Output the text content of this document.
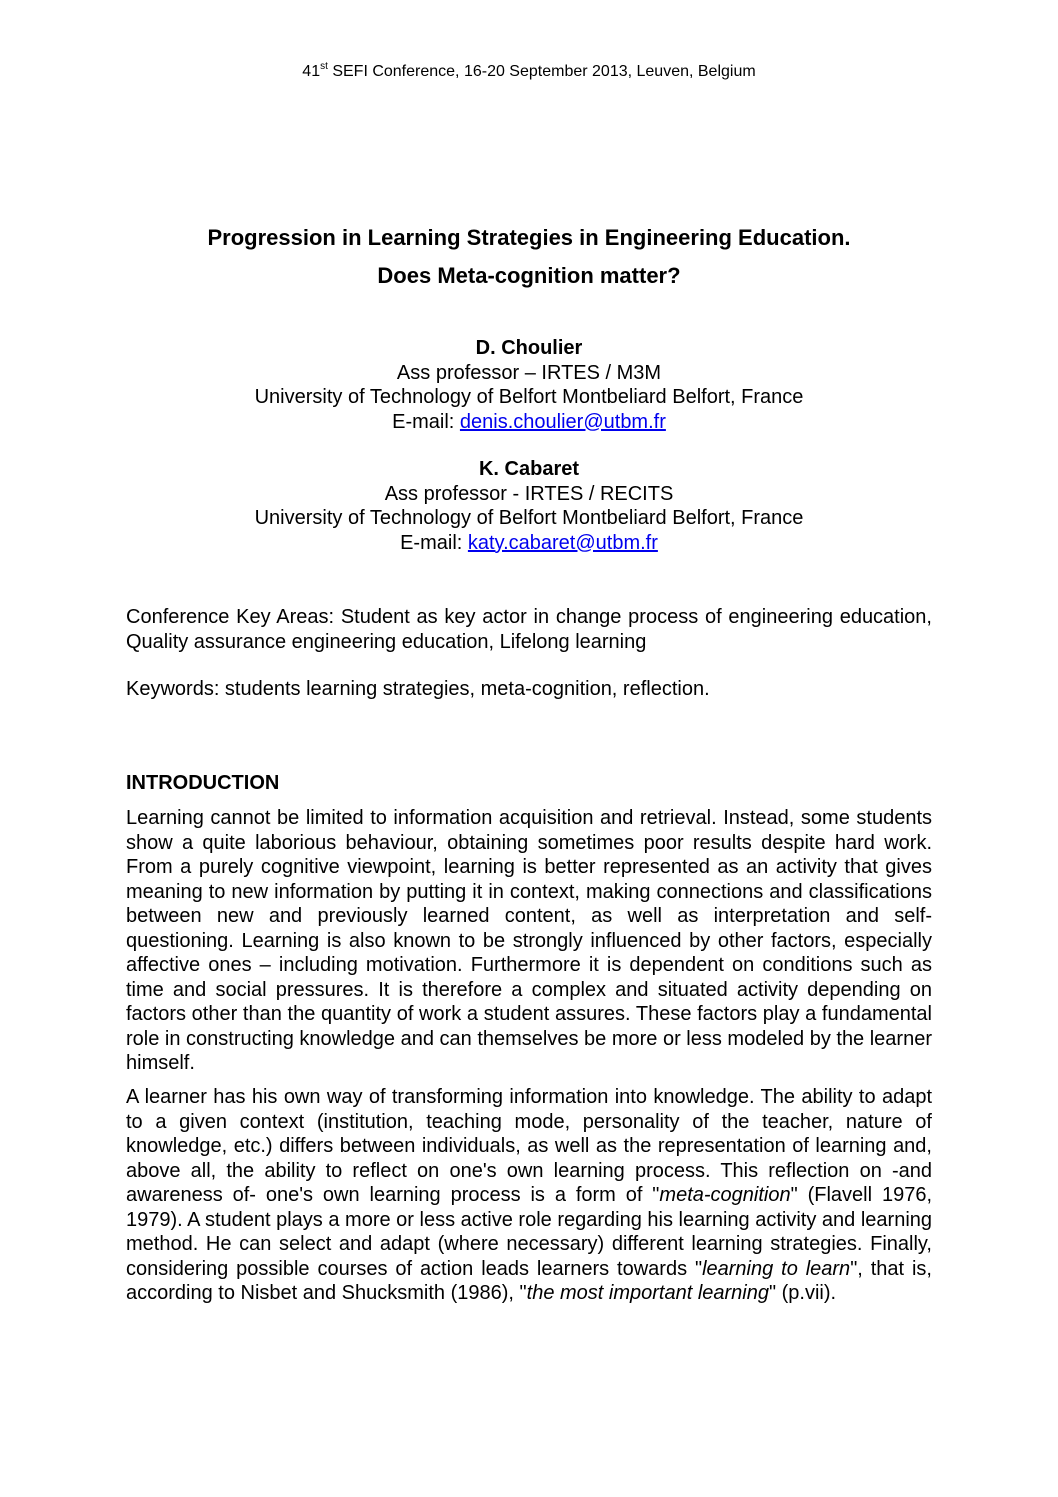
41st SEFI Conference, 16-20 September 2013, Leuven, Belgium
Progression in Learning Strategies in Engineering Education.
Does Meta-cognition matter?
D. Choulier
Ass professor – IRTES / M3M
University of Technology of Belfort Montbeliard Belfort, France
E-mail: denis.choulier@utbm.fr
K. Cabaret
Ass professor - IRTES / RECITS
University of Technology of Belfort Montbeliard Belfort, France
E-mail: katy.cabaret@utbm.fr
Conference Key Areas: Student as key actor in change process of engineering education, Quality assurance engineering education, Lifelong learning
Keywords: students learning strategies, meta-cognition, reflection.
INTRODUCTION

Learning cannot be limited to information acquisition and retrieval. Instead, some students show a quite laborious behaviour, obtaining sometimes poor results despite hard work. From a purely cognitive viewpoint, learning is better represented as an activity that gives meaning to new information by putting it in context, making connections and classifications between new and previously learned content, as well as interpretation and self-questioning. Learning is also known to be strongly influenced by other factors, especially affective ones – including motivation. Furthermore it is dependent on conditions such as time and social pressures. It is therefore a complex and situated activity depending on factors other than the quantity of work a student assures. These factors play a fundamental role in constructing knowledge and can themselves be more or less modeled by the learner himself.

A learner has his own way of transforming information into knowledge. The ability to adapt to a given context (institution, teaching mode, personality of the teacher, nature of knowledge, etc.) differs between individuals, as well as the representation of learning and, above all, the ability to reflect on one's own learning process. This reflection on -and awareness of- one's own learning process is a form of "meta-cognition" (Flavell 1976, 1979). A student plays a more or less active role regarding his learning activity and learning method. He can select and adapt (where necessary) different learning strategies. Finally, considering possible courses of action leads learners towards "learning to learn", that is, according to Nisbet and Shucksmith (1986), "the most important learning" (p.vii).
